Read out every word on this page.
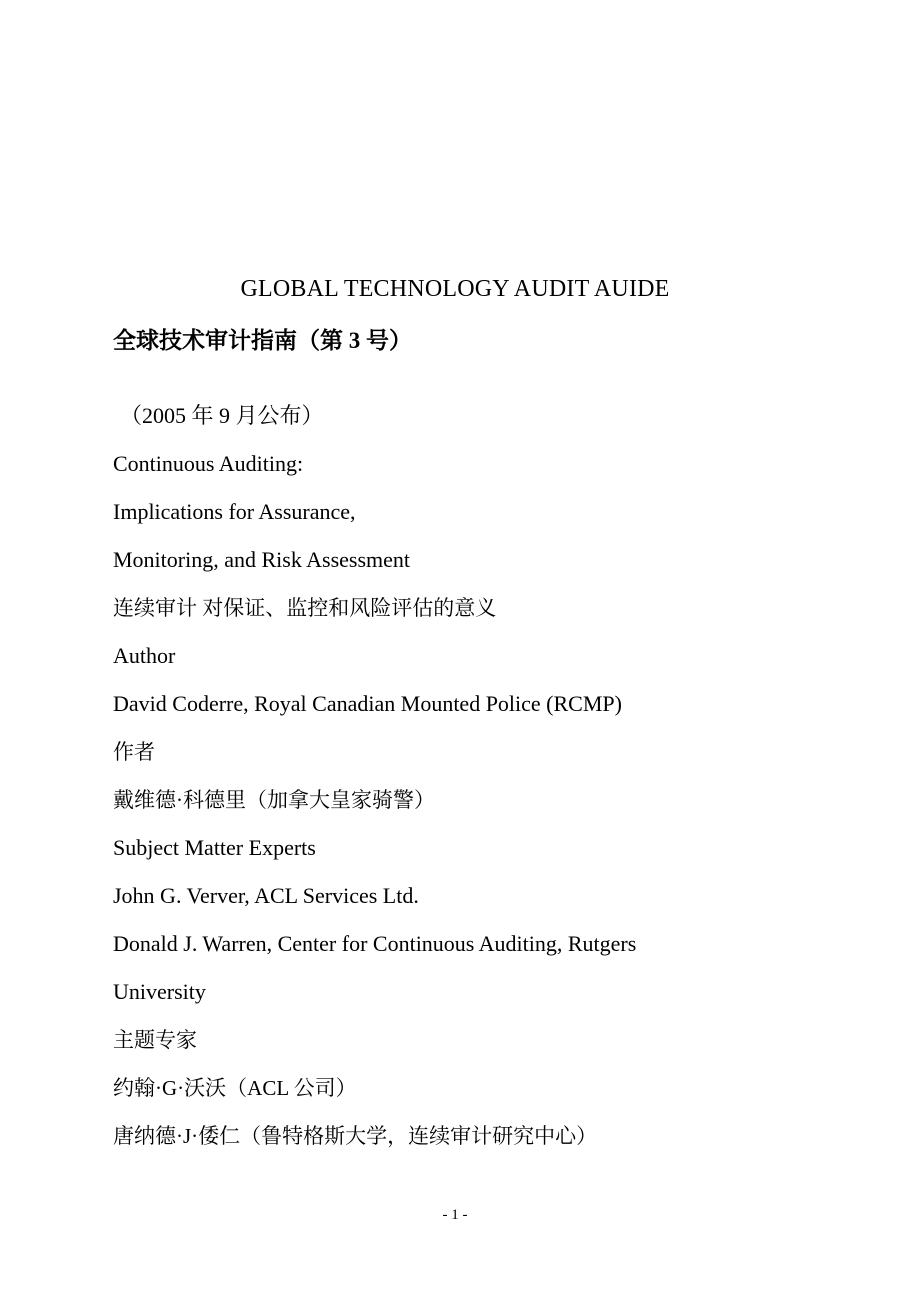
GLOBAL TECHNOLOGY AUDIT AUIDE
全球技术审计指南（第 3 号）
（2005 年 9 月公布）
Continuous Auditing:
Implications for Assurance,
Monitoring, and Risk Assessment
连续审计 对保证、监控和风险评估的意义
Author
David Coderre, Royal Canadian Mounted Police (RCMP)
作者
戴维德·科德里（加拿大皇家骑警）
Subject Matter Experts
John G. Verver, ACL Services Ltd.
Donald J. Warren, Center for Continuous Auditing, Rutgers
University
主题专家
约翰·G·沃沃（ACL 公司）
唐纳德·J·倭仁（鲁特格斯大学，连续审计研究中心）
- 1 -
